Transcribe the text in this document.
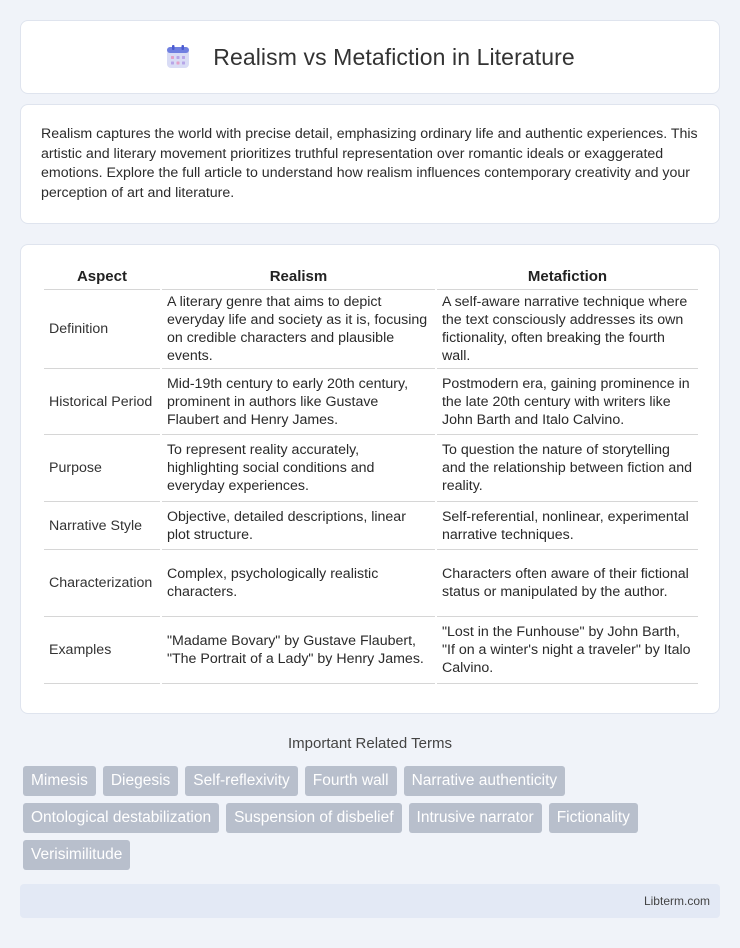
Realism vs Metafiction in Literature

Realism captures the world with precise detail, emphasizing ordinary life and authentic experiences. This artistic and literary movement prioritizes truthful representation over romantic ideals or exaggerated emotions. Explore the full article to understand how realism influences contemporary creativity and your perception of art and literature.

Aspect	Realism	Metafiction
Definition	A literary genre that aims to depict everyday life and society as it is, focusing on credible characters and plausible events.	A self-aware narrative technique where the text consciously addresses its own fictionality, often breaking the fourth wall.
Historical Period	Mid-19th century to early 20th century, prominent in authors like Gustave Flaubert and Henry James.	Postmodern era, gaining prominence in the late 20th century with writers like John Barth and Italo Calvino.
Purpose	To represent reality accurately, highlighting social conditions and everyday experiences.	To question the nature of storytelling and the relationship between fiction and reality.
Narrative Style	Objective, detailed descriptions, linear plot structure.	Self-referential, nonlinear, experimental narrative techniques.
Characterization	Complex, psychologically realistic characters.	Characters often aware of their fictional status or manipulated by the author.
Examples	"Madame Bovary" by Gustave Flaubert, "The Portrait of a Lady" by Henry James.	"Lost in the Funhouse" by John Barth, "If on a winter's night a traveler" by Italo Calvino.
Important Related Terms
Mimesis	Diegesis	Self-reflexivity	Fourth wall	Narrative authenticity
Ontological destabilization	Suspension of disbelief	Intrusive narrator	Fictionality
Verisimilitude
Libterm.com
